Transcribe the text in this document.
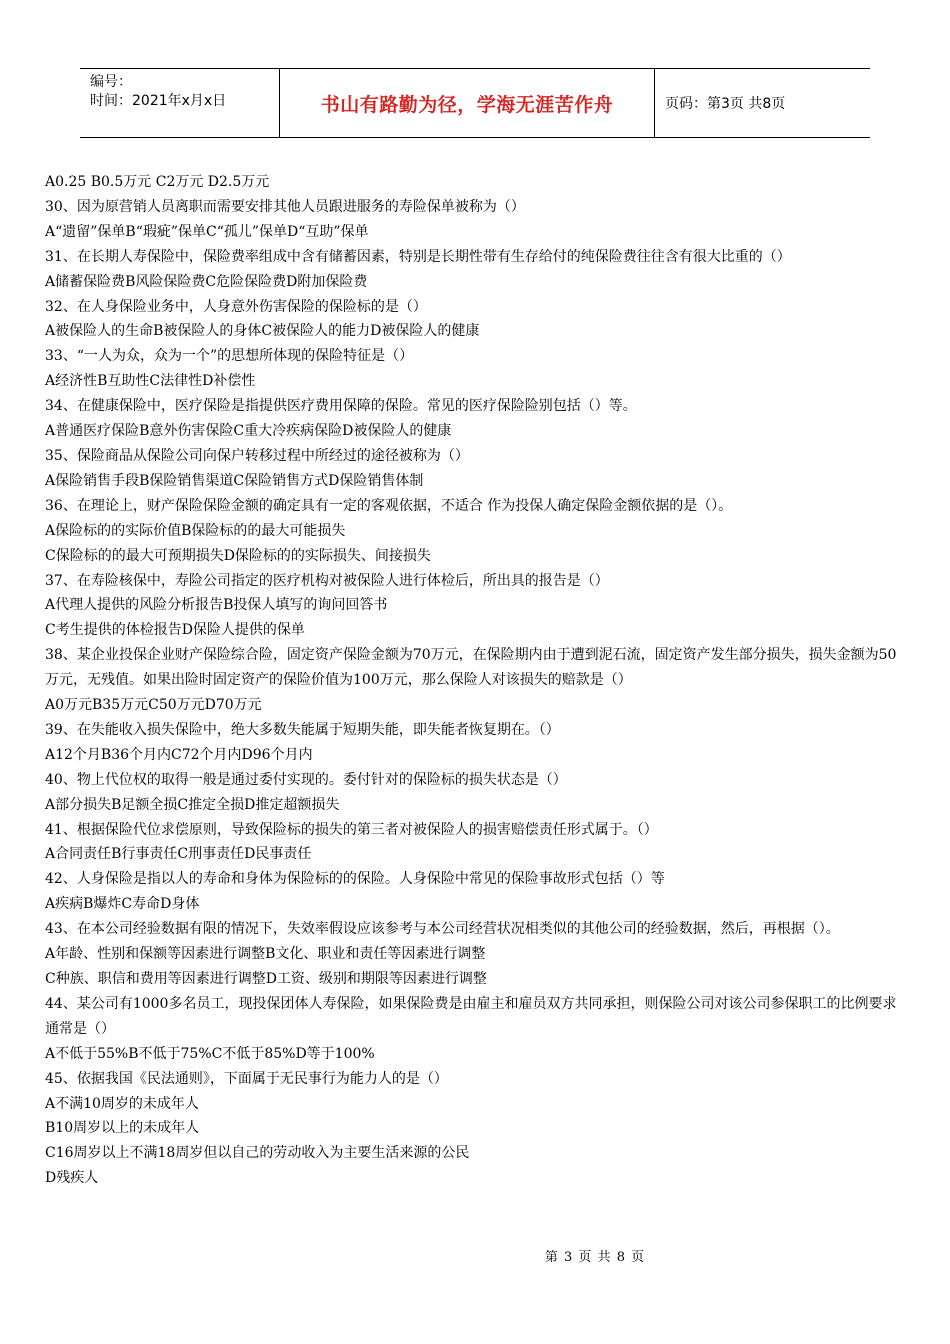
编号：
时间：2021年x月x日	书山有路勤为径，学海无涯苦作舟	页码：第3页 共8页
A0.25 B0.5万元 C2万元 D2.5万元
30、因为原营销人员离职而需要安排其他人员跟进服务的寿险保单被称为（）
A“遗留”保单B“瑕疵”保单C“孤儿”保单D“互助”保单
31、在长期人寿保险中，保险费率组成中含有储蓄因素，特别是长期性带有生存给付的纯保险费往往含有很大比重的（）
A储蓄保险费B风险保险费C危险保险费D附加保险费
32、在人身保险业务中，人身意外伤害保险的保险标的是（）
A被保险人的生命B被保险人的身体C被保险人的能力D被保险人的健康
33、“一人为众，众为一个”的思想所体现的保险特征是（）
A经济性B互助性C法律性D补偿性
34、在健康保险中，医疗保险是指提供医疗费用保障的保险。常见的医疗保险险别包括（）等。
A普通医疗保险B意外伤害保险C重大冷疾病保险D被保险人的健康
35、保险商品从保险公司向保户转移过程中所经过的途径被称为（）
A保险销售手段B保险销售渠道C保险销售方式D保险销售体制
36、在理论上，财产保险保险金额的确定具有一定的客观依据，不适合 作为投保人确定保险金额依据的是（）。
A保险标的的实际价值B保险标的的最大可能损失
C保险标的的最大可预期损失D保险标的的实际损失、间接损失
37、在寿险核保中，寿险公司指定的医疗机构对被保险人进行体检后，所出具的报告是（）
A代理人提供的风险分析报告B投保人填写的询问回答书
C考生提供的体检报告D保险人提供的保单
38、某企业投保企业财产保险综合险，固定资产保险金额为70万元，在保险期内由于遭到泥石流，固定资产发生部分损失，损失金额为50万元，无残值。如果出险时固定资产的保险价值为100万元，那么保险人对该损失的赔款是（）
A0万元B35万元C50万元D70万元
39、在失能收入损失保险中，绝大多数失能属于短期失能，即失能者恢复期在。（）
A12个月B36个月内C72个月内D96个月内
40、物上代位权的取得一般是通过委付实现的。委付针对的保险标的损失状态是（）
A部分损失B足额全损C推定全损D推定超额损失
41、根据保险代位求偿原则，导致保险标的损失的第三者对被保险人的损害赔偿责任形式属于。（）
A合同责任B行事责任C刑事责任D民事责任
42、人身保险是指以人的寿命和身体为保险标的的保险。人身保险中常见的保险事故形式包括（）等
A疾病B爆炸C寿命D身体
43、在本公司经验数据有限的情况下，失效率假设应该参考与本公司经营状况相类似的其他公司的经验数据，然后，再根据（）。
A年龄、性别和保额等因素进行调整B文化、职业和责任等因素进行调整
C种族、职信和费用等因素进行调整D工资、级别和期限等因素进行调整
44、某公司有1000多名员工，现投保团体人寿保险，如果保险费是由雇主和雇员双方共同承担，则保险公司对该公司参保职工的比例要求通常是（）
A不低于55%B不低于75%C不低于85%D等于100%
45、依据我国《民法通则》，下面属于无民事行为能力人的是（）
A不满10周岁的未成年人
B10周岁以上的未成年人
C16周岁以上不满18周岁但以自己的劳动收入为主要生活来源的公民
D残疾人
第 3 页 共 8 页
